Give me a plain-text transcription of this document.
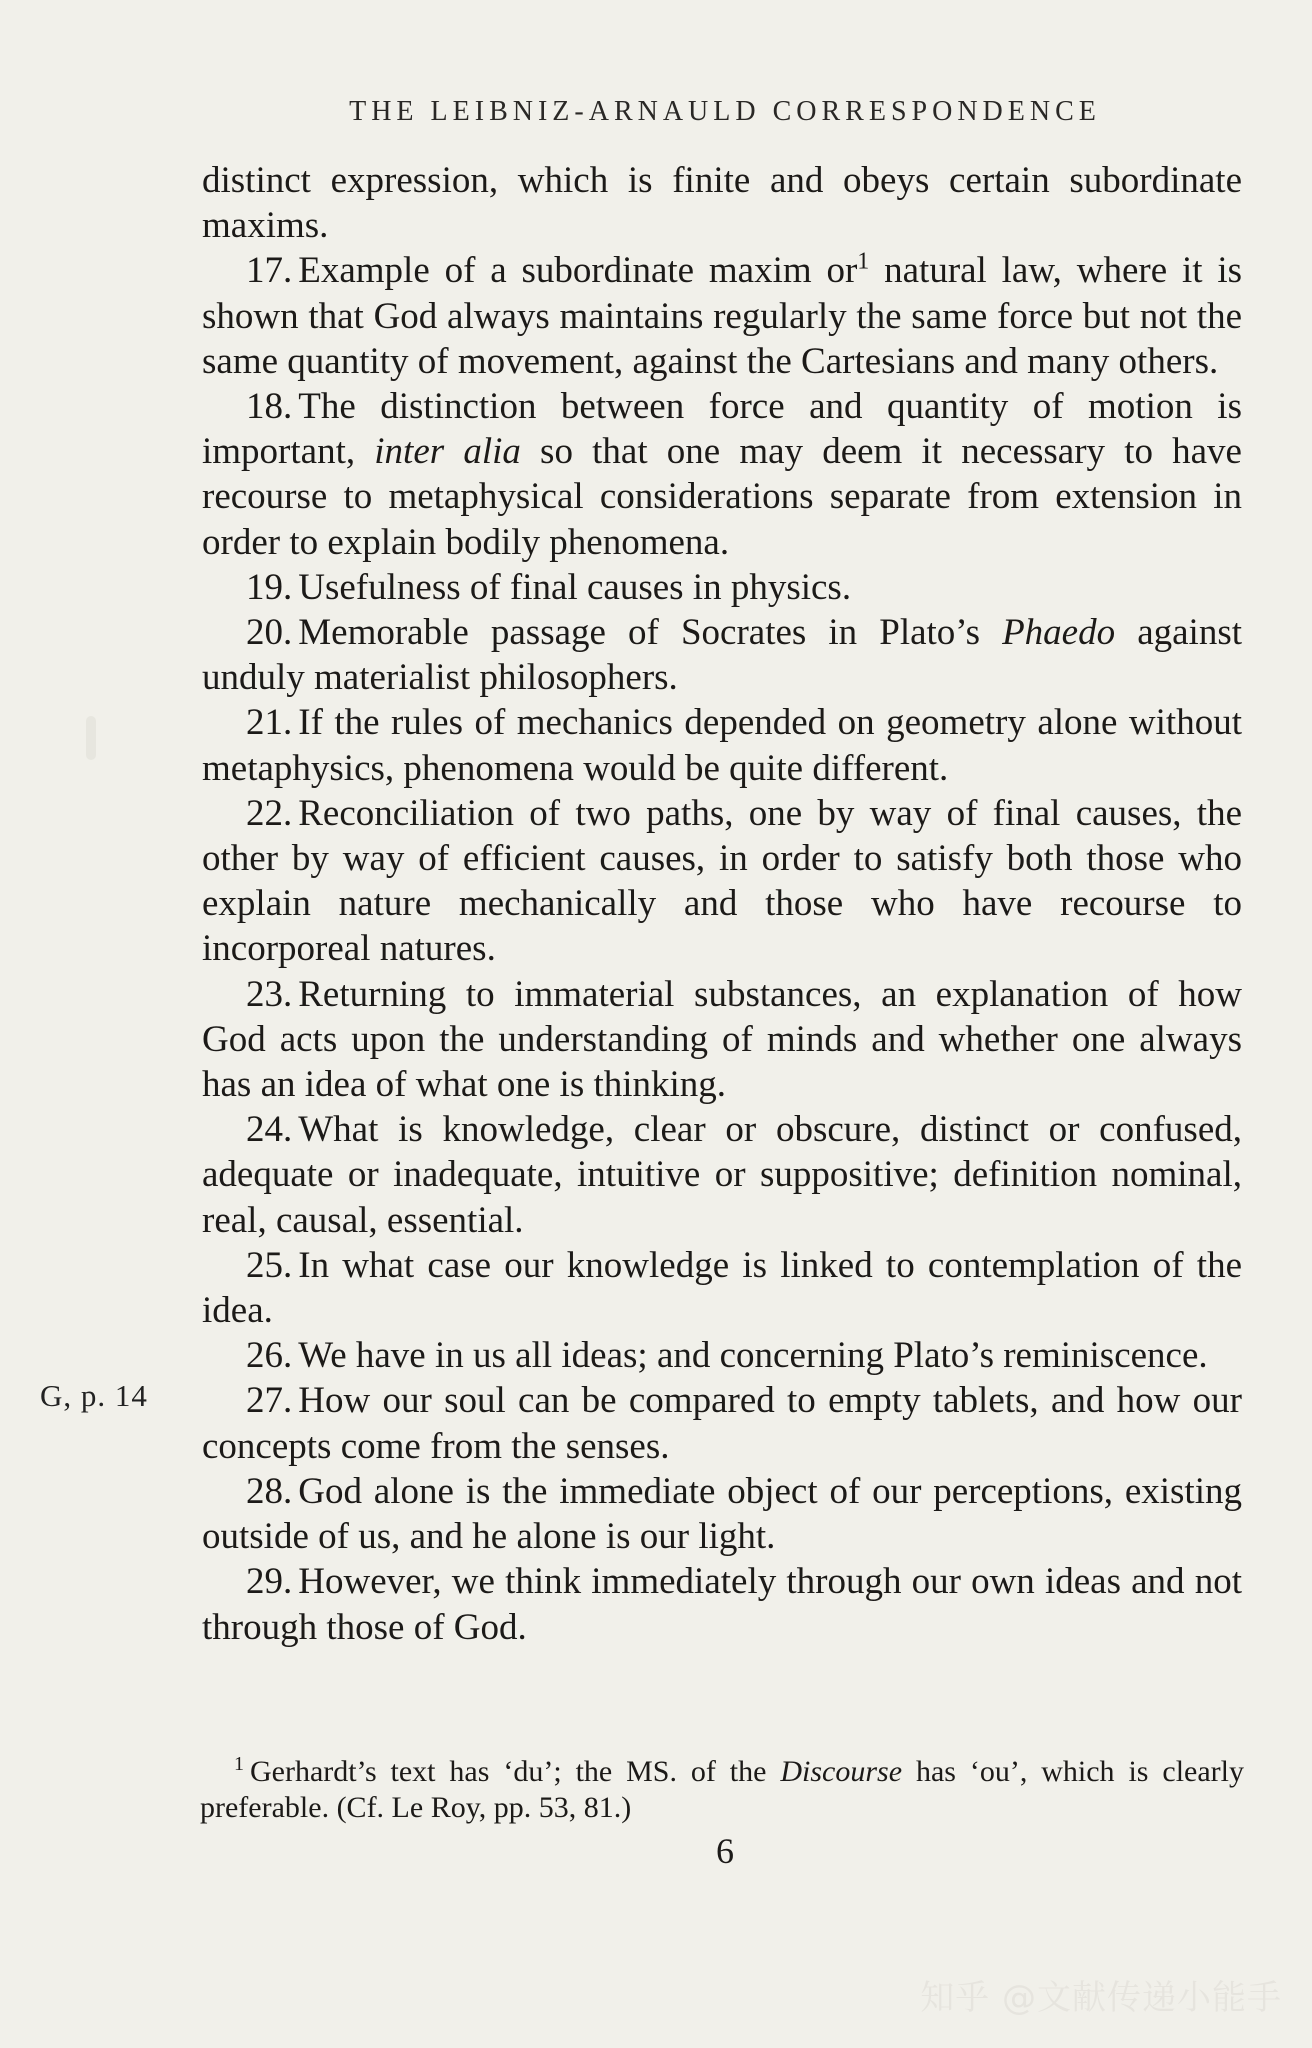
THE LEIBNIZ-ARNAULD CORRESPONDENCE
G, p. 14

distinct expression, which is finite and obeys certain subordinate maxims.

17. Example of a subordinate maxim $or^1$ natural law, where it is shown that God always maintains regularly the same force but not the same quantity of movement, against the Cartesians and many others.

18. The distinction between force and quantity of motion is important, inter alia so that one may deem it necessary to have recourse to metaphysical considerations separate from extension in order to explain bodily phenomena.

19. Usefulness of final causes in physics.

20. Memorable passage of Socrates in Plato’s Phaedo against unduly materialist philosophers.

21. If the rules of mechanics depended on geometry alone without metaphysics, phenomena would be quite different.

22. Reconciliation of two paths, one by way of final causes, the other by way of efficient causes, in order to satisfy both those who explain nature mechanically and those who have recourse to incorporeal natures.

23. Returning to immaterial substances, an explanation of how God acts upon the understanding of minds and whether one always has an idea of what one is thinking.

24. What is knowledge, clear or obscure, distinct or confused, adequate or inadequate, intuitive or suppositive; definition nominal, real, causal, essential.

25. In what case our knowledge is linked to contemplation of the idea.

26. We have in us all ideas; and concerning Plato’s reminiscence.

27. How our soul can be compared to empty tablets, and how our concepts come from the senses.

28. God alone is the immediate object of our perceptions, existing outside of us, and he alone is our light.

29. However, we think immediately through our own ideas and not through those of God.

$^1$ Gerhardt’s text has ‘du’; the MS. of the Discourse has ‘ou’, which is clearly preferable. (Cf. Le Roy, pp. 53, 81.)

6
知乎 @文献传递小能手
